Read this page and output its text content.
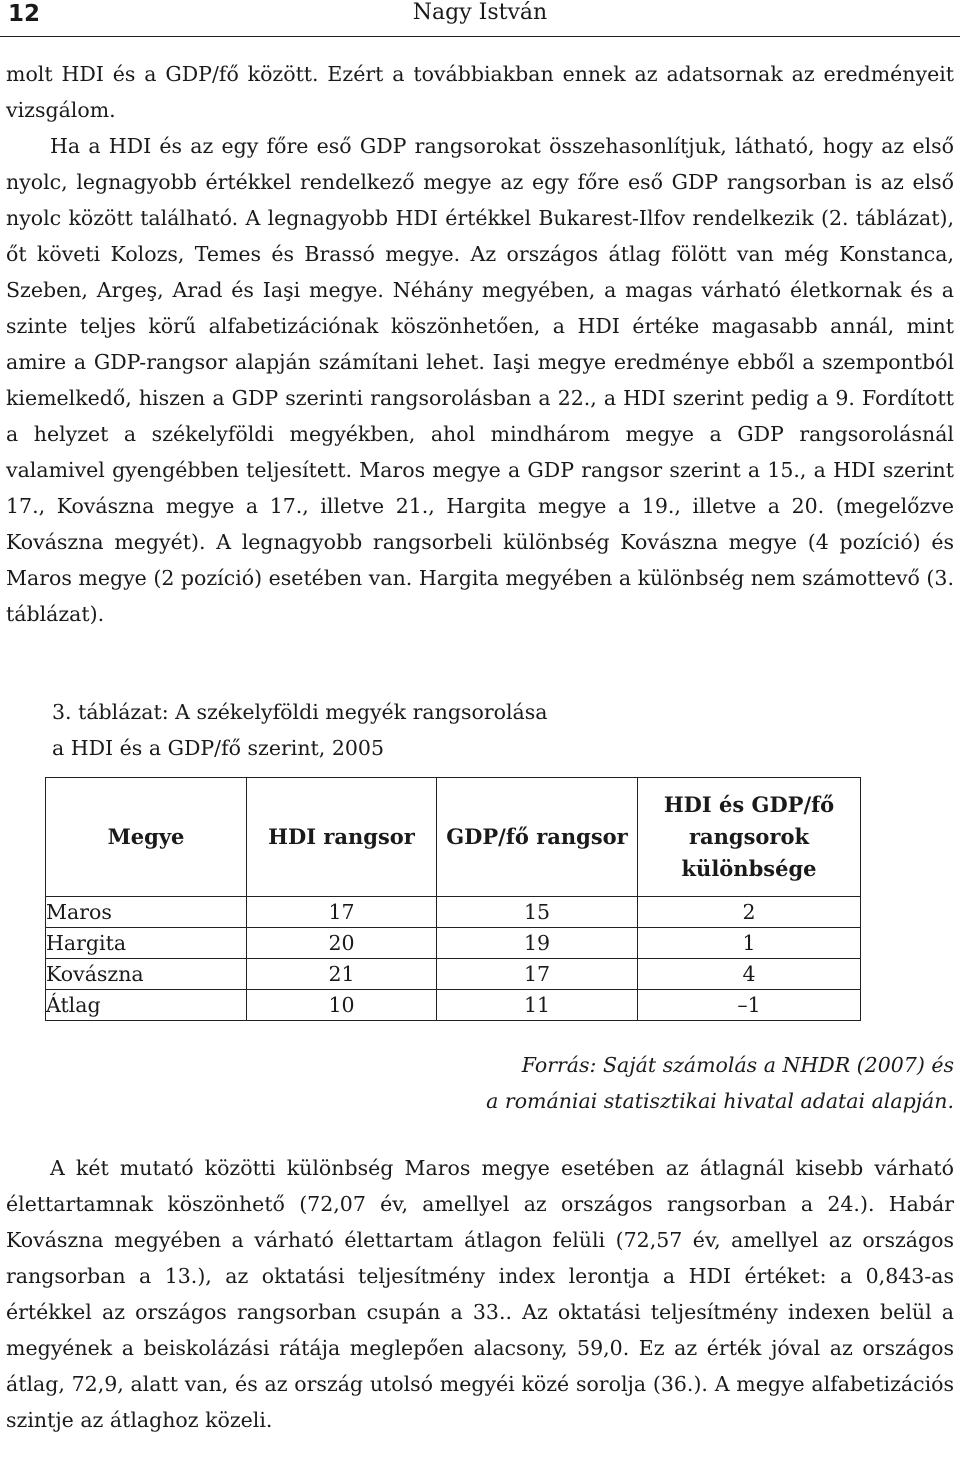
12	Nagy István

molt HDI és a GDP/fő között. Ezért a továbbiakban ennek az adatsornak az eredményeit vizsgálom.

Ha a HDI és az egy főre eső GDP rangsorokat összehasonlítjuk, látható, hogy az első nyolc, legnagyobb értékkel rendelkező megye az egy főre eső GDP rangsorban is az első nyolc között található. A legnagyobb HDI értékkel Bukarest-Ilfov rendelkezik (2. táblázat), őt követi Kolozs, Temes és Brassó megye. Az országos átlag fölött van még Konstanca, Szeben, Argeş, Arad és Iaşi megye. Néhány megyében, a magas várható életkornak és a szinte teljes körű alfabetizációnak köszönhetően, a HDI értéke magasabb annál, mint amire a GDP-rangsor alapján számítani lehet. Iaşi megye eredménye ebből a szempontból kiemelkedő, hiszen a GDP szerinti rangsorolásban a 22., a HDI szerint pedig a 9. Fordított a helyzet a székelyföldi megyékben, ahol mindhárom megye a GDP rangsorolásnál valamivel gyengébben teljesített. Maros megye a GDP rangsor szerint a 15., a HDI szerint 17., Kovászna megye a 17., illetve 21., Hargita megye a 19., illetve a 20. (megelőzve Kovászna megyét). A legnagyobb rangsorbeli különbség Kovászna megye (4 pozíció) és Maros megye (2 pozíció) esetében van. Hargita megyében a különbség nem számottevő (3. táblázat).

3. táblázat: A székelyföldi megyék rangsorolása
a HDI és a GDP/fő szerint, 2005
Megye	HDI rangsor	GDP/fő rangsor	HDI és GDP/fő rangsorok különbsége
Maros	17	15	2
Hargita	20	19	1
Kovászna	21	17	4
Átlag	10	11	–1
Forrás: Saját számolás a NHDR (2007) és
a romániai statisztikai hivatal adatai alapján.

A két mutató közötti különbség Maros megye esetében az átlagnál kisebb várható élettartamnak köszönhető (72,07 év, amellyel az országos rangsorban a 24.). Habár Kovászna megyében a várható élettartam átlagon felüli (72,57 év, amellyel az országos rangsorban a 13.), az oktatási teljesítmény index lerontja a HDI értéket: a 0,843-as értékkel az országos rangsorban csupán a 33.. Az oktatási teljesítmény indexen belül a megyének a beiskolázási rátája meglepően alacsony, 59,0. Ez az érték jóval az országos átlag, 72,9, alatt van, és az ország utolsó megyéi közé sorolja (36.). A megye alfabetizációs szintje az átlaghoz közeli.
